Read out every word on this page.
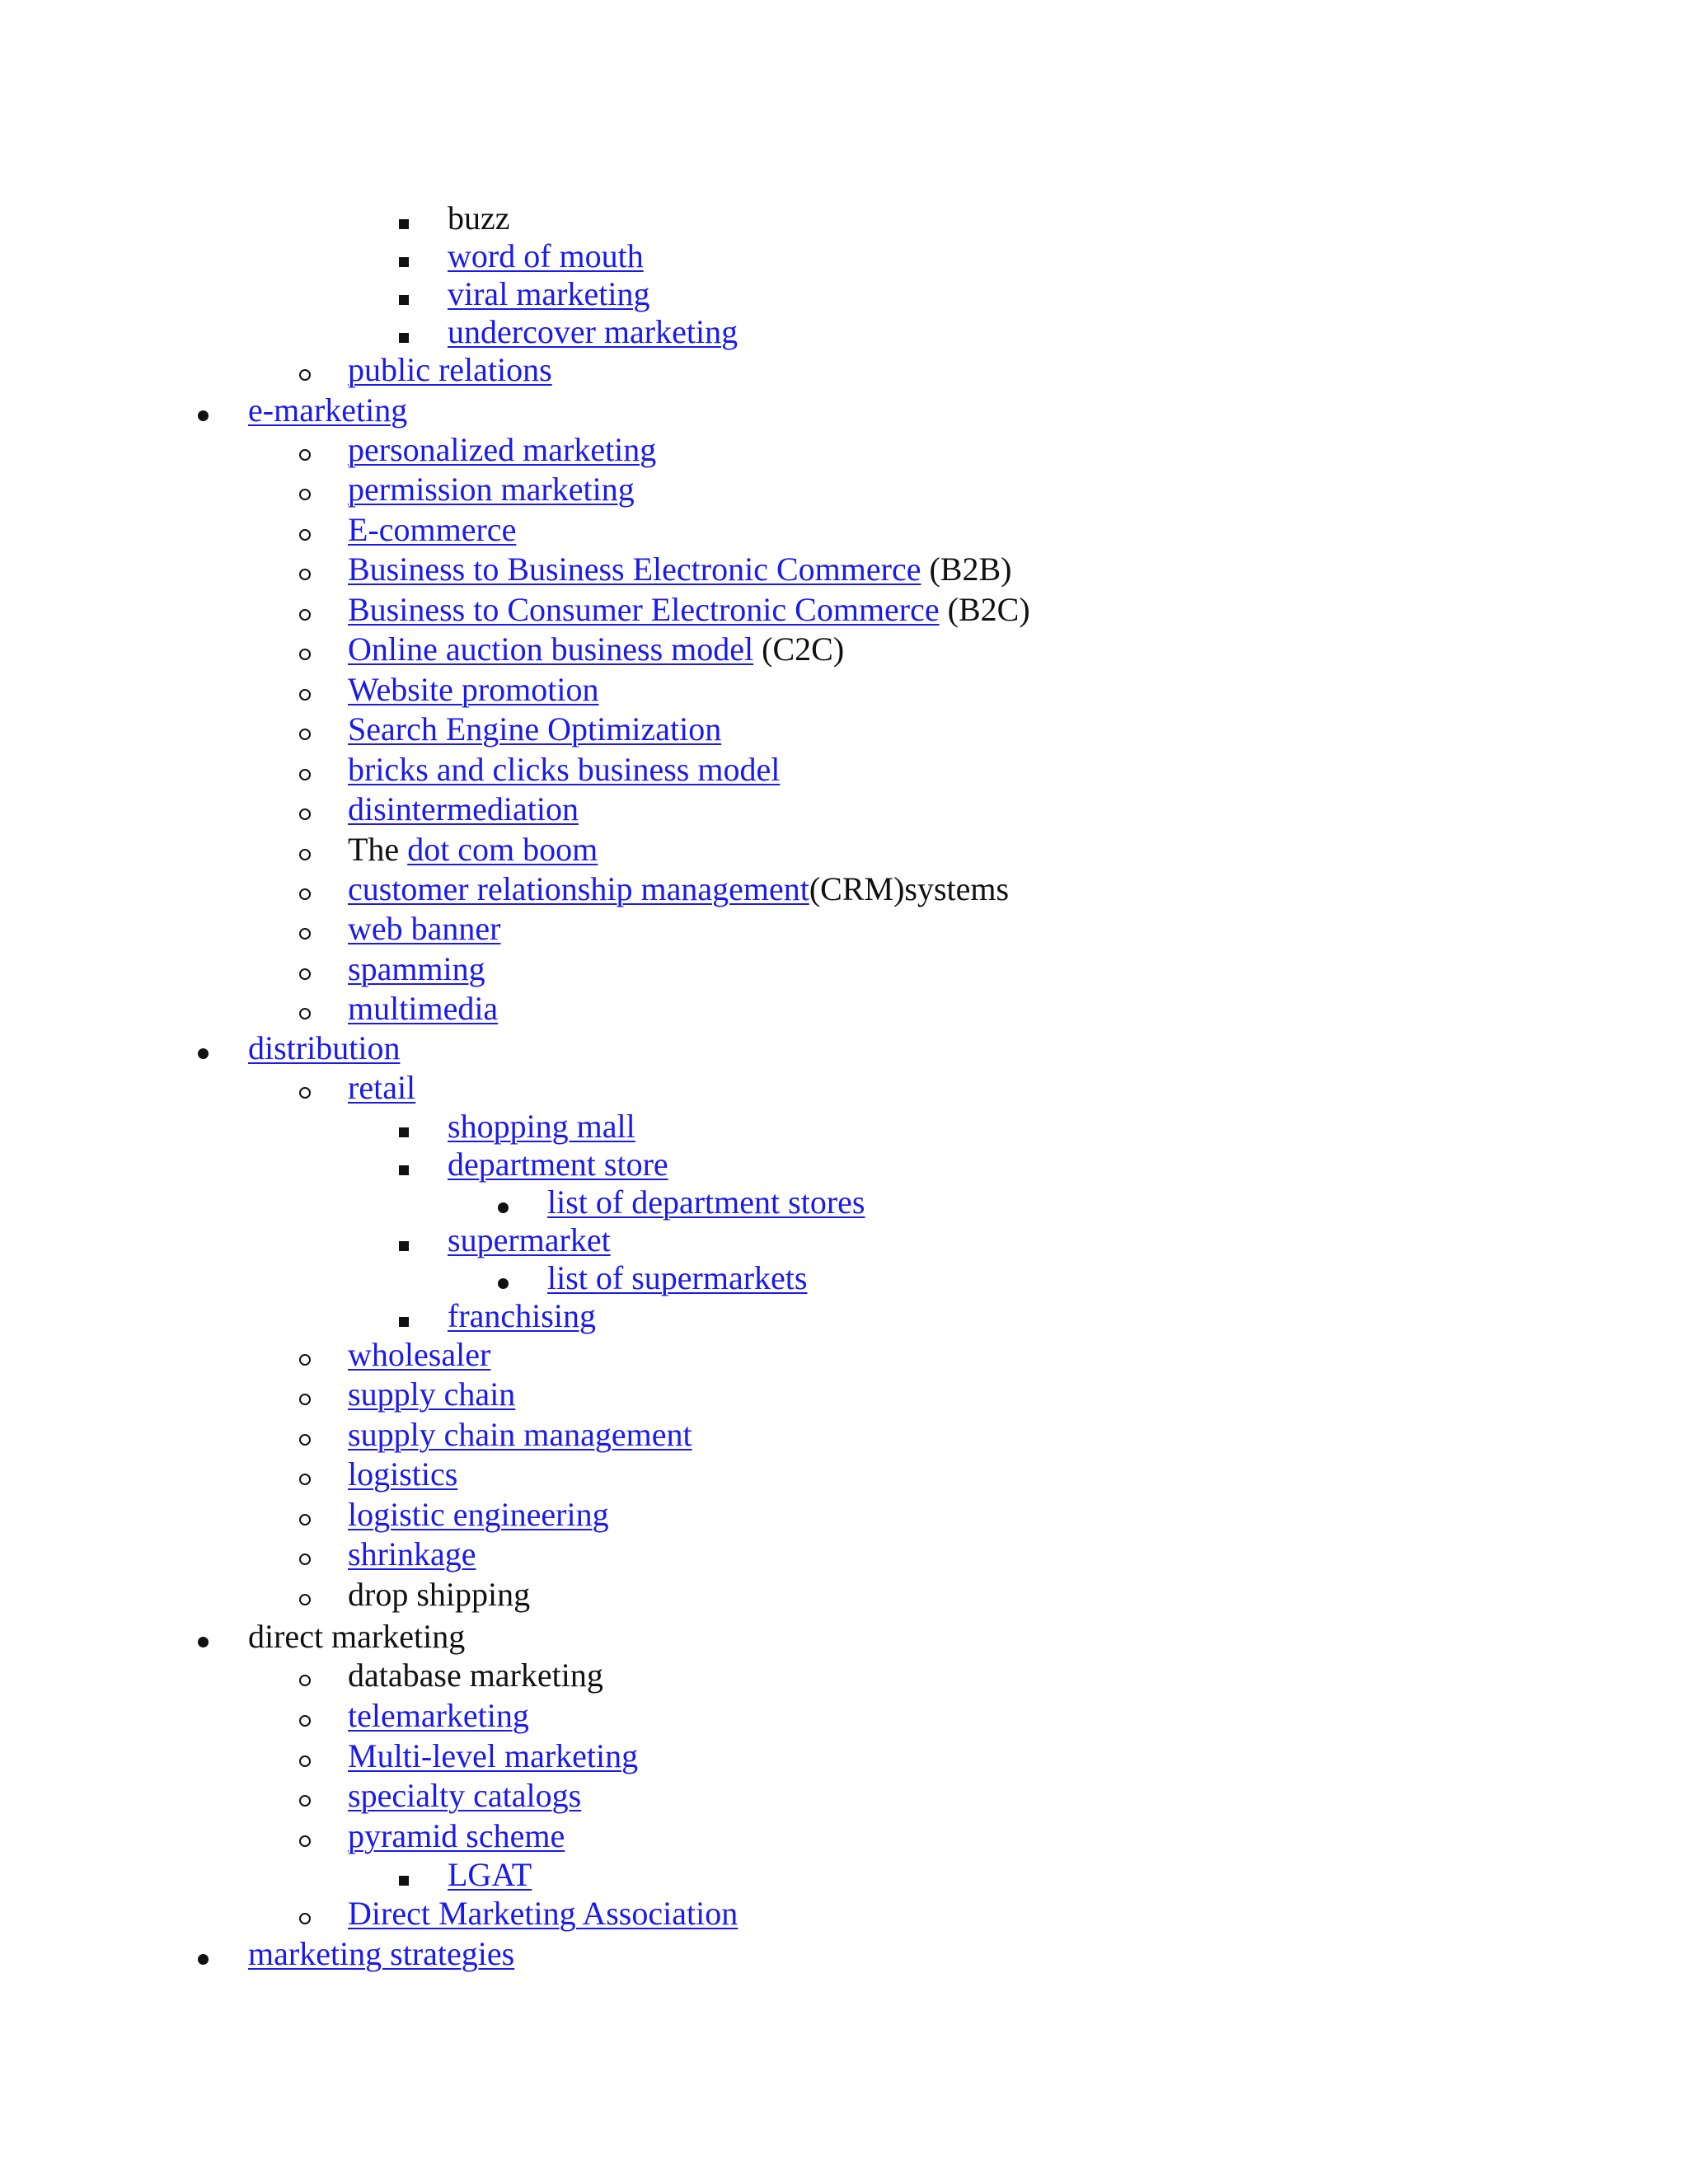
buzz
word of mouth
viral marketing
undercover marketing
public relations
e-marketing
personalized marketing
permission marketing
E-commerce
Business to Business Electronic Commerce (B2B)
Business to Consumer Electronic Commerce (B2C)
Online auction business model (C2C)
Website promotion
Search Engine Optimization
bricks and clicks business model
disintermediation
The dot com boom
customer relationship management(CRM)systems
web banner
spamming
multimedia
distribution
retail
shopping mall
department store
list of department stores
supermarket
list of supermarkets
franchising
wholesaler
supply chain
supply chain management
logistics
logistic engineering
shrinkage
drop shipping
direct marketing
database marketing
telemarketing
Multi-level marketing
specialty catalogs
pyramid scheme
LGAT
Direct Marketing Association
marketing strategies
